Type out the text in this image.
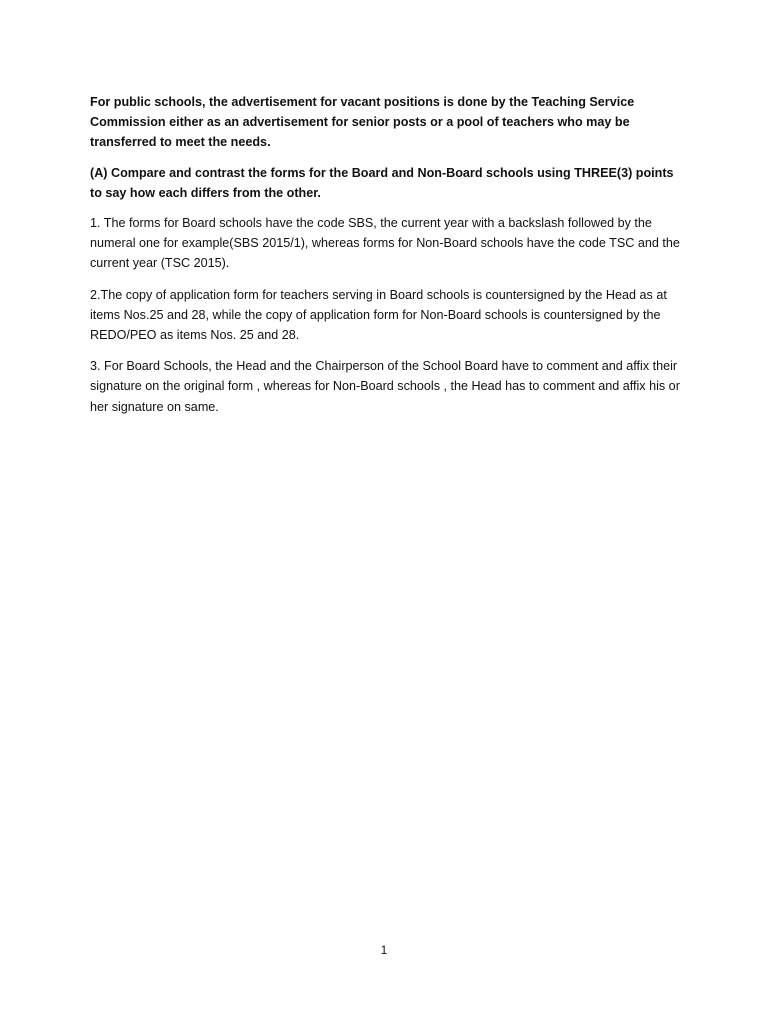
For public schools, the advertisement for vacant positions is done by the Teaching Service Commission either as an advertisement for senior posts or a pool of teachers who may be transferred to meet the needs.

(A) Compare and contrast the forms for the Board and Non-Board schools using THREE(3) points to say how each differs from the other.

1. The forms for Board schools have the code SBS, the current year with a backslash followed by the numeral one for example(SBS 2015/1), whereas forms for Non-Board schools have the code TSC and the current year (TSC 2015).

2.The copy of application form for teachers serving in Board schools is countersigned by the Head as at items Nos.25 and 28, while the copy of application form for Non-Board schools is countersigned by the REDO/PEO as items Nos. 25 and 28.

3. For Board Schools, the Head and the Chairperson of the School Board have to comment and affix their signature on the original form , whereas for Non-Board schools , the Head has to comment and affix his or her signature on same.

1
